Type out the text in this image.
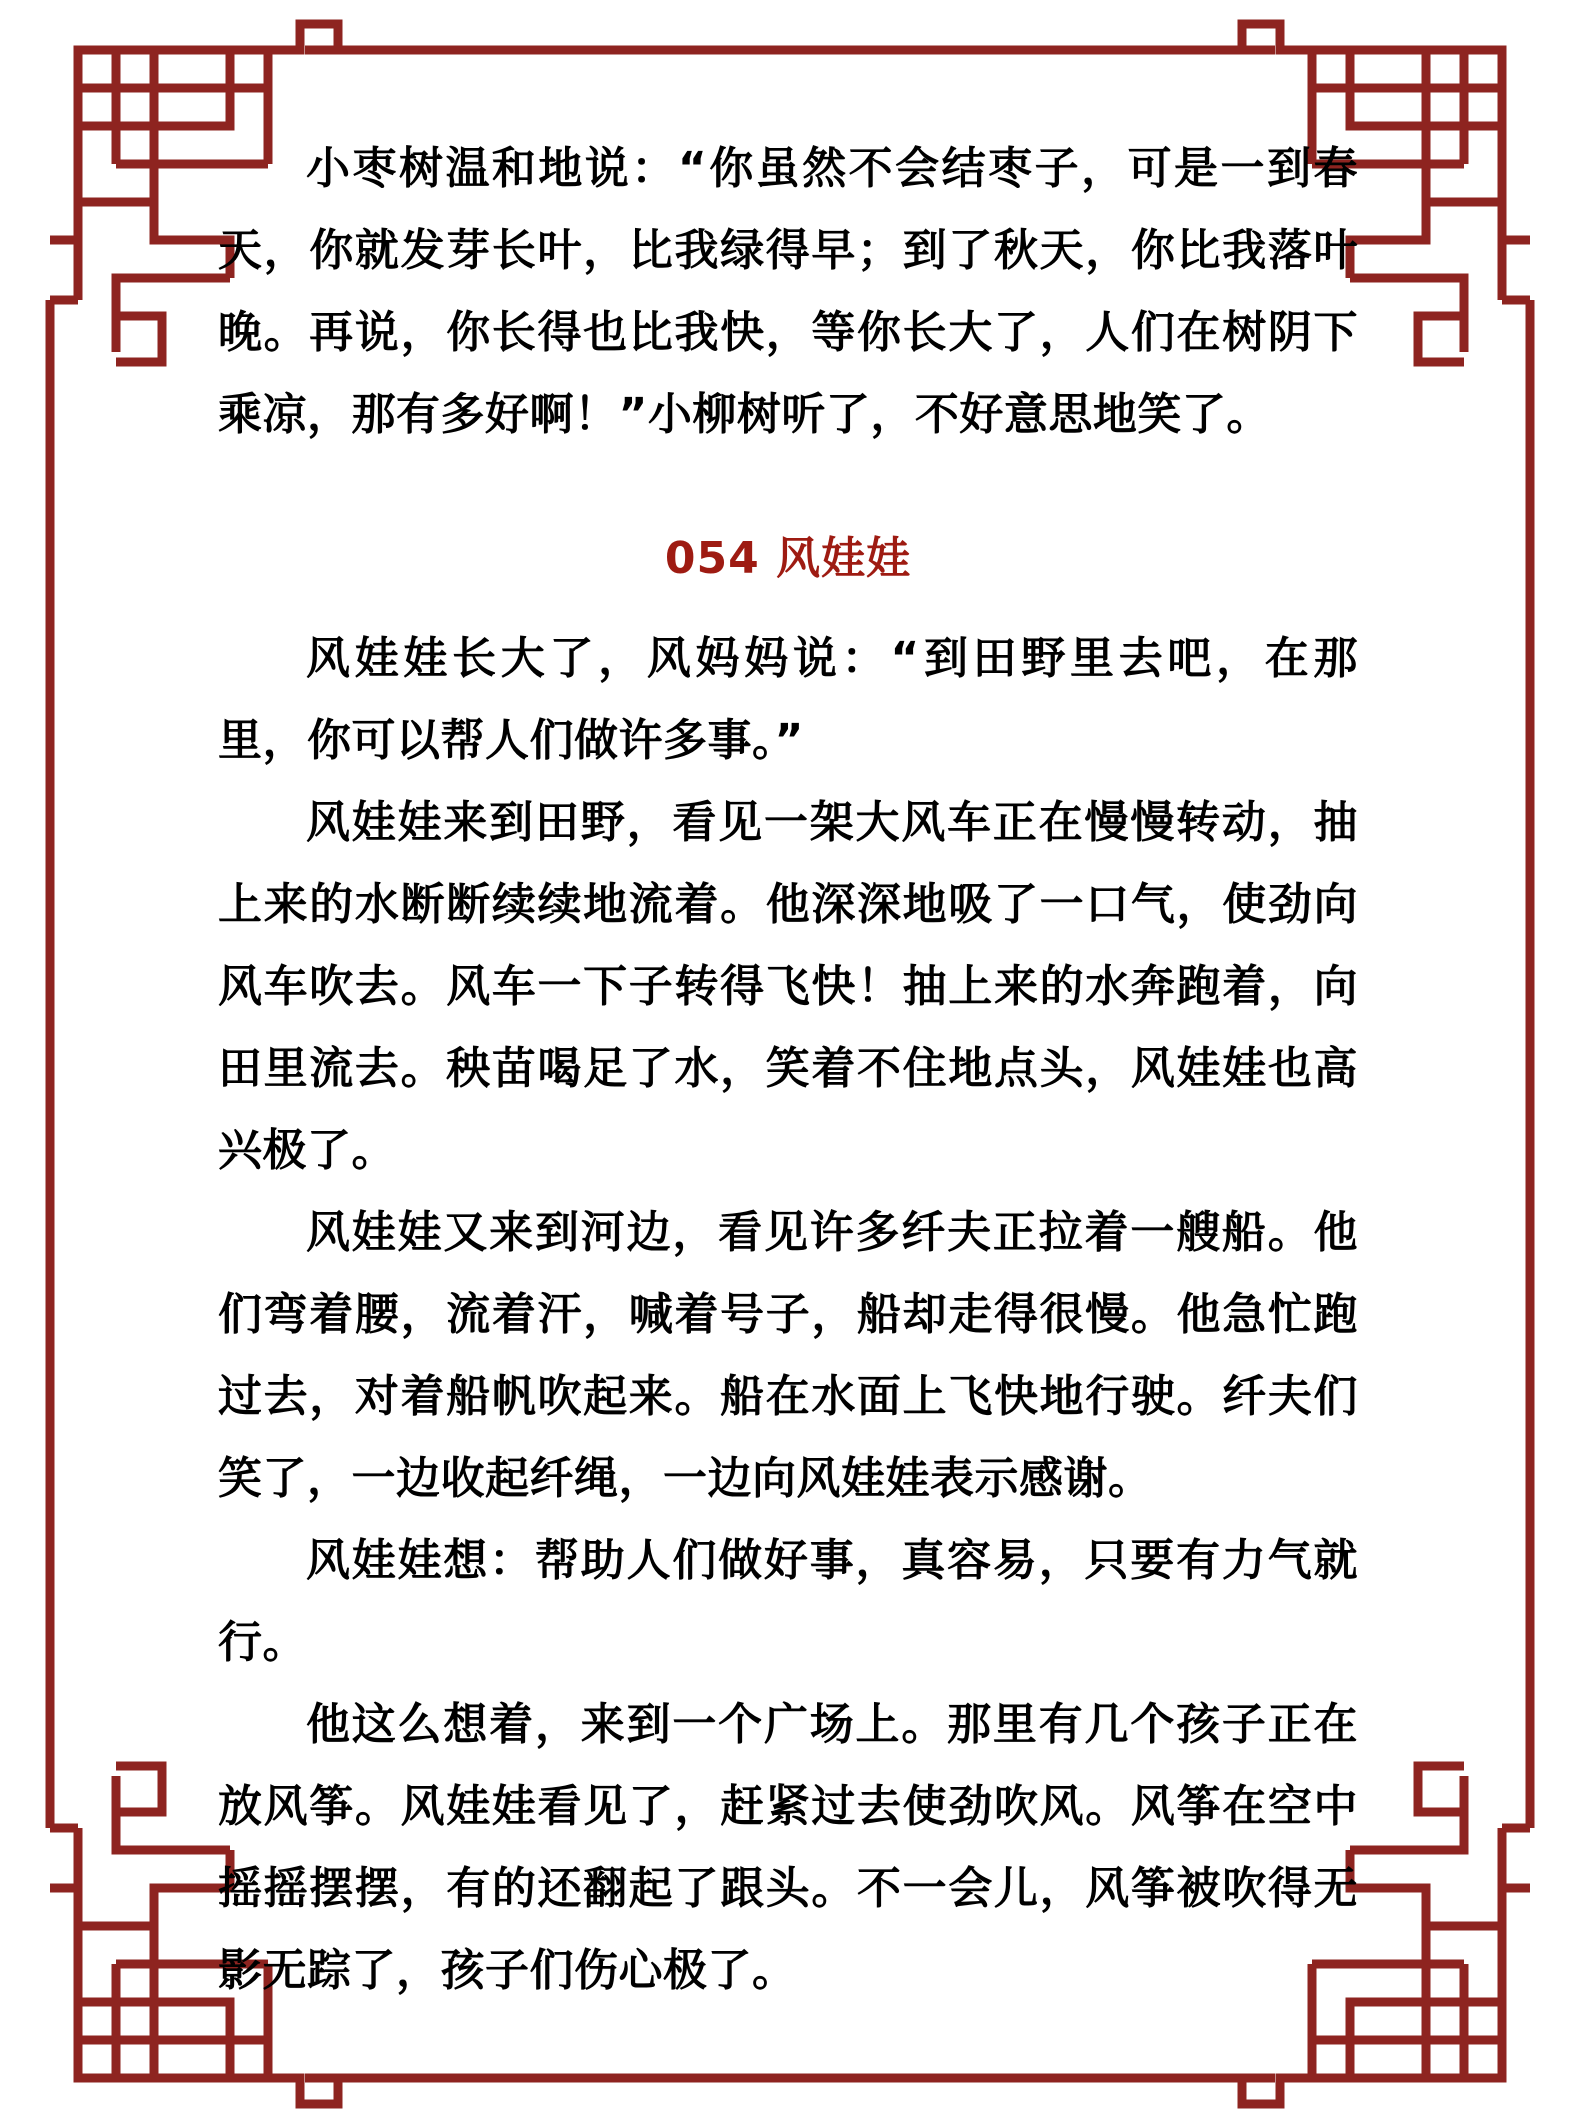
小枣树温和地说：“你虽然不会结枣子，可是一到春天，你就发芽长叶，比我绿得早；到了秋天，你比我落叶晚。再说，你长得也比我快，等你长大了，人们在树阴下乘凉，那有多好啊！”小柳树听了，不好意思地笑了。

054 风娃娃

风娃娃长大了，风妈妈说：“到田野里去吧，在那里，你可以帮人们做许多事。”

风娃娃来到田野，看见一架大风车正在慢慢转动，抽上来的水断断续续地流着。他深深地吸了一口气，使劲向风车吹去。风车一下子转得飞快！抽上来的水奔跑着，向田里流去。秧苗喝足了水，笑着不住地点头，风娃娃也高兴极了。

风娃娃又来到河边，看见许多纤夫正拉着一艘船。他们弯着腰，流着汗，喊着号子，船却走得很慢。他急忙跑过去，对着船帆吹起来。船在水面上飞快地行驶。纤夫们笑了，一边收起纤绳，一边向风娃娃表示感谢。

风娃娃想：帮助人们做好事，真容易，只要有力气就行。

他这么想着，来到一个广场上。那里有几个孩子正在放风筝。风娃娃看见了，赶紧过去使劲吹风。风筝在空中摇摇摆摆，有的还翻起了跟头。不一会儿，风筝被吹得无影无踪了，孩子们伤心极了。
